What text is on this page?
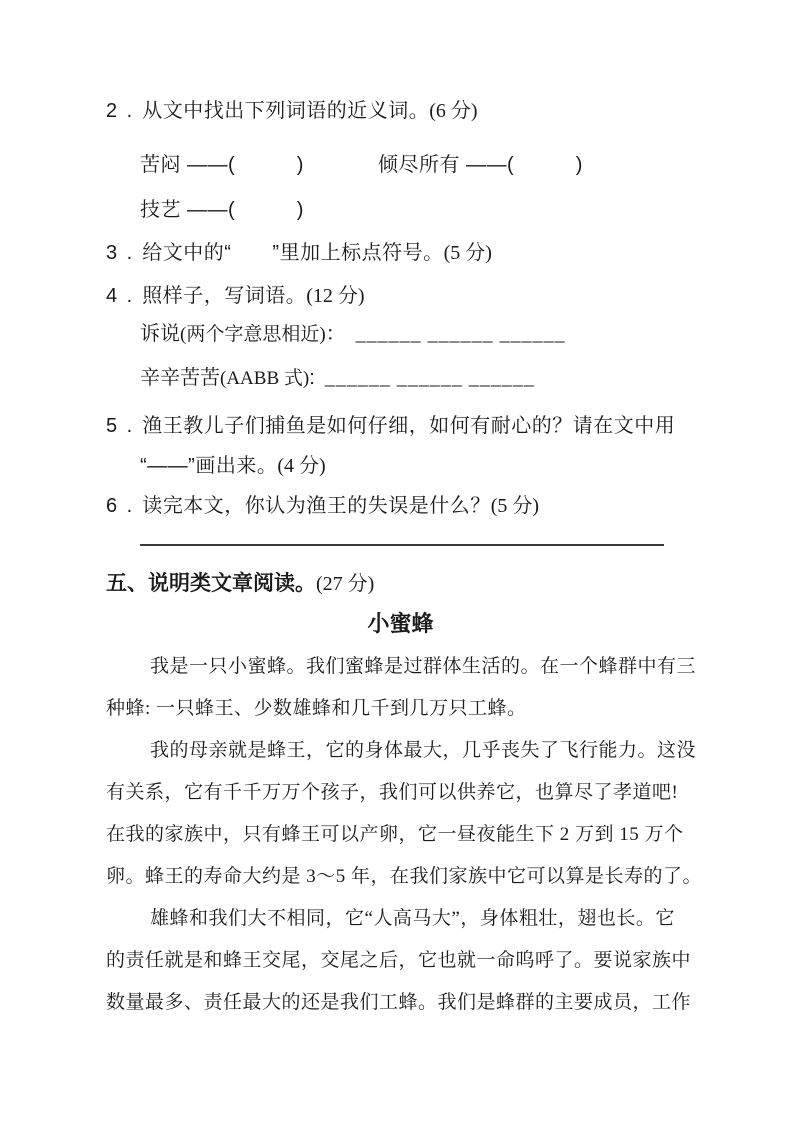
2 . 从文中找出下列词语的近义词。(6 分)
苦闷 ——(　　　)	倾尽所有 ——(　　　)
技艺 ——(　　　)
3 . 给文中的“　　”里加上标点符号。(5 分)
4 . 照样子，写词语。(12 分)
诉说(两个字意思相近)： ______ ______ ______
辛辛苦苦(AABB 式): ______ ______ ______
5 . 渔王教儿子们捕鱼是如何仔细，如何有耐心的？请在文中用
“——”画出来。(4 分)
6 . 读完本文，你认为渔王的失误是什么？(5 分)
五、说明类文章阅读。(27 分)
小蜜蜂
我是一只小蜜蜂。我们蜜蜂是过群体生活的。在一个蜂群中有三
种蜂: 一只蜂王、少数雄蜂和几千到几万只工蜂。
我的母亲就是蜂王，它的身体最大，几乎丧失了飞行能力。这没
有关系，它有千千万万个孩子，我们可以供养它，也算尽了孝道吧!
在我的家族中，只有蜂王可以产卵，它一昼夜能生下 2 万到 15 万个
卵。蜂王的寿命大约是 3～5 年，在我们家族中它可以算是长寿的了。
雄蜂和我们大不相同，它“人高马大”，身体粗壮，翅也长。它
的责任就是和蜂王交尾，交尾之后，它也就一命呜呼了。要说家族中
数量最多、责任最大的还是我们工蜂。我们是蜂群的主要成员，工作
